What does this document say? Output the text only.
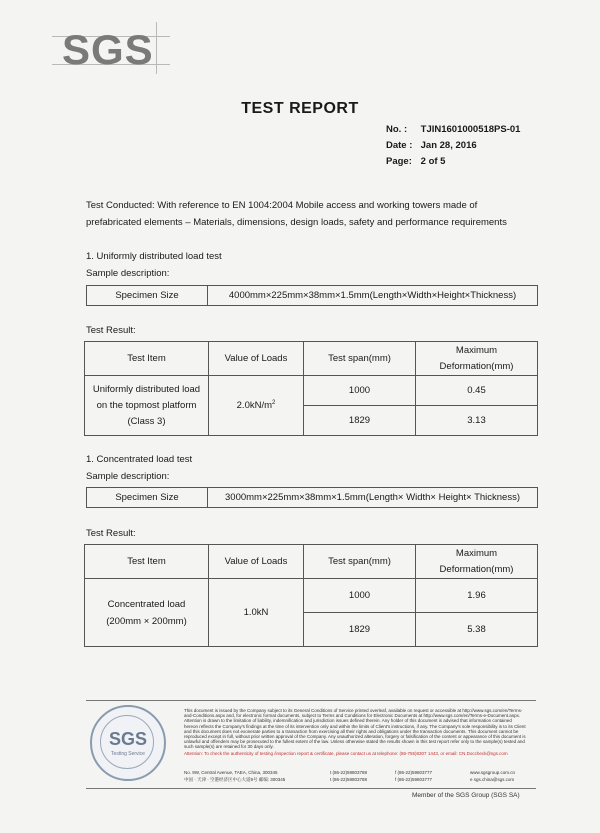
SGS
TEST REPORT
No. : TJIN1601000518PS-01
Date : Jan 28, 2016
Page: 2 of 5
Test Conducted: With reference to EN 1004:2004 Mobile access and working towers made of
prefabricated elements – Materials, dimensions, design loads, safety and performance requirements
1. Uniformly distributed load test
Sample description:
Specimen Size	4000mm×225mm×38mm×1.5mm(Length×Width×Height×Thickness)
Test Result:
Test Item	Value of Loads	Test span(mm)	Maximum
Deformation(mm)

Uniformly distributed load
on the topmost platform
(Class 3)	$2.0kN/m^2$	1000	0.45
		1829	3.13
1. Concentrated load test
Sample description:
Specimen Size	3000mm×225mm×38mm×1.5mm(Length× Width× Height× Thickness)
Test Result:
Test Item	Value of Loads	Test span(mm)	Maximum
Deformation(mm)

Concentrated load
(200mm × 200mm)	1.0kN	1000	1.96
		1829	5.38
SGS
Testing Service
This document is issued by the Company subject to its General Conditions of Service printed overleaf, available on request or accessible at http://www.sgs.com/en/Terms-and-Conditions.aspx and, for electronic format documents, subject to Terms and Conditions for Electronic Documents at http://www.sgs.com/en/Terms-e-Document.aspx. Attention is drawn to the limitation of liability, indemnification and jurisdiction issues defined therein. Any holder of this document is advised that information contained hereon reflects the Company's findings at the time of its intervention only and within the limits of Client's instructions, if any. The Company's sole responsibility is to its Client and this document does not exonerate parties to a transaction from exercising all their rights and obligations under the transaction documents. This document cannot be reproduced except in full, without prior written approval of the Company. Any unauthorized alteration, forgery or falsification of the content or appearance of this document is unlawful and offenders may be prosecuted to the fullest extent of the law. Unless otherwise stated the results shown in this test report refer only to the sample(s) tested and such sample(s) are retained for 30 days only.
Attention: To check the authenticity of testing /inspection report & certificate, please contact us at telephone: (86-755)8307 1443, or email: CN.Doccheck@sgs.com
No. 9W, Central Avenue, TAEA, China, 300345
中国 · 天津 · 空港经济区中心大道9号 邮编: 300345
t (86-22)59803788
t (86-22)59803788
f (86-22)59803777
f (86-22)59803777
www.sgsgroup.com.cn
e sgs.china@sgs.com
Member of the SGS Group (SGS SA)
